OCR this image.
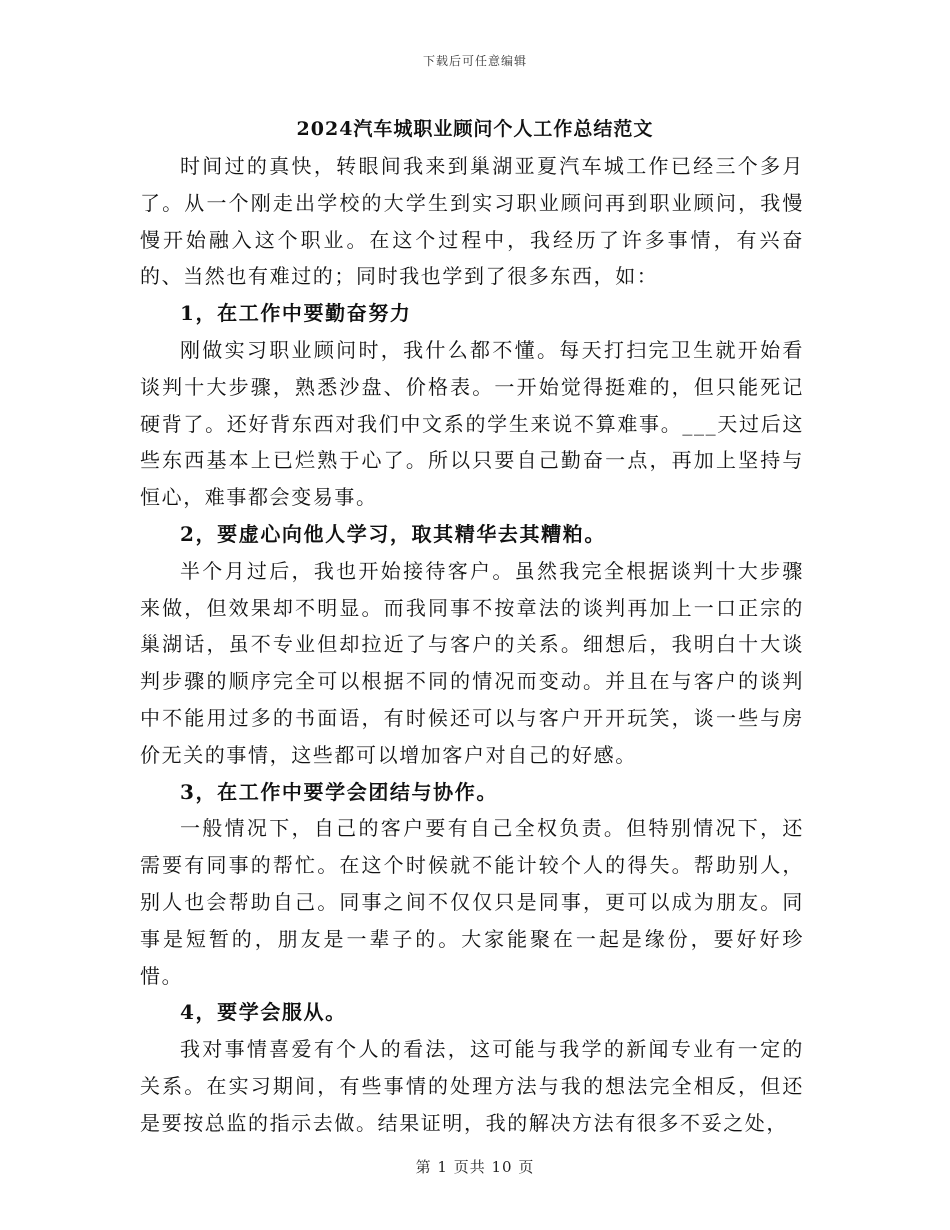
下载后可任意编辑
2024汽车城职业顾问个人工作总结范文

时间过的真快，转眼间我来到巢湖亚夏汽车城工作已经三个多月了。从一个刚走出学校的大学生到实习职业顾问再到职业顾问，我慢慢开始融入这个职业。在这个过程中，我经历了许多事情，有兴奋的、当然也有难过的；同时我也学到了很多东西，如：

1，在工作中要勤奋努力

刚做实习职业顾问时，我什么都不懂。每天打扫完卫生就开始看谈判十大步骤，熟悉沙盘、价格表。一开始觉得挺难的，但只能死记硬背了。还好背东西对我们中文系的学生来说不算难事。___天过后这些东西基本上已烂熟于心了。所以只要自己勤奋一点，再加上坚持与恒心，难事都会变易事。

2，要虚心向他人学习，取其精华去其糟粕。

半个月过后，我也开始接待客户。虽然我完全根据谈判十大步骤来做，但效果却不明显。而我同事不按章法的谈判再加上一口正宗的巢湖话，虽不专业但却拉近了与客户的关系。细想后，我明白十大谈判步骤的顺序完全可以根据不同的情况而变动。并且在与客户的谈判中不能用过多的书面语，有时候还可以与客户开开玩笑，谈一些与房价无关的事情，这些都可以增加客户对自己的好感。

3，在工作中要学会团结与协作。

一般情况下，自己的客户要有自己全权负责。但特别情况下，还需要有同事的帮忙。在这个时候就不能计较个人的得失。帮助别人，别人也会帮助自己。同事之间不仅仅只是同事，更可以成为朋友。同事是短暂的，朋友是一辈子的。大家能聚在一起是缘份，要好好珍惜。

4，要学会服从。

我对事情喜爱有个人的看法，这可能与我学的新闻专业有一定的关系。在实习期间，有些事情的处理方法与我的想法完全相反，但还是要按总监的指示去做。结果证明，我的解决方法有很多不妥之处，

第 1 页共 10 页
